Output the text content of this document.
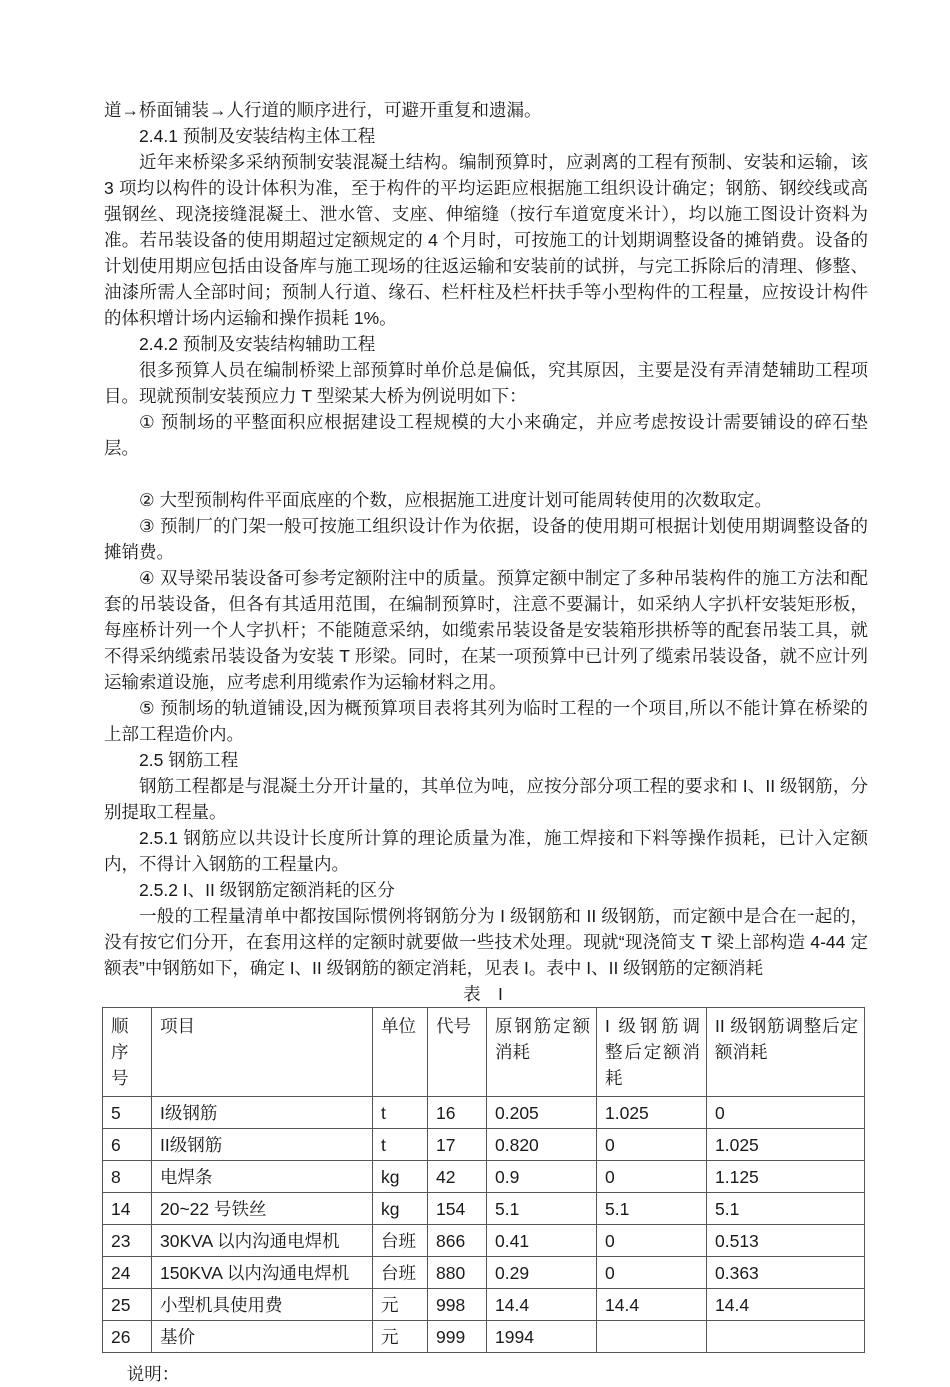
道→桥面铺装→人行道的顺序进行，可避开重复和遗漏。

2.4.1 预制及安装结构主体工程

近年来桥梁多采纳预制安装混凝土结构。编制预算时，应剥离的工程有预制、安装和运输，该 3 项均以构件的设计体积为准，至于构件的平均运距应根据施工组织设计确定；钢筋、钢绞线或高强钢丝、现浇接缝混凝土、泄水管、支座、伸缩缝（按行车道宽度米计），均以施工图设计资料为准。若吊装设备的使用期超过定额规定的 4 个月时，可按施工的计划期调整设备的摊销费。设备的计划使用期应包括由设备库与施工现场的往返运输和安装前的试拼，与完工拆除后的清理、修整、油漆所需人全部时间；预制人行道、缘石、栏杆柱及栏杆扶手等小型构件的工程量，应按设计构件的体积增计场内运输和操作损耗 1%。

2.4.2 预制及安装结构辅助工程

很多预算人员在编制桥梁上部预算时单价总是偏低，究其原因，主要是没有弄清楚辅助工程项目。现就预制安装预应力 T 型梁某大桥为例说明如下：

① 预制场的平整面积应根据建设工程规模的大小来确定，并应考虑按设计需要铺设的碎石垫层。

② 大型预制构件平面底座的个数，应根据施工进度计划可能周转使用的次数取定。

③ 预制厂的门架一般可按施工组织设计作为依据，设备的使用期可根据计划使用期调整设备的摊销费。

④ 双导梁吊装设备可参考定额附注中的质量。预算定额中制定了多种吊装构件的施工方法和配套的吊装设备，但各有其适用范围，在编制预算时，注意不要漏计，如采纳人字扒杆安装矩形板，每座桥计列一个人字扒杆；不能随意采纳，如缆索吊装设备是安装箱形拱桥等的配套吊装工具，就不得采纳缆索吊装设备为安装 T 形梁。同时，在某一项预算中已计列了缆索吊装设备，就不应计列运输索道设施，应考虑利用缆索作为运输材料之用。

⑤ 预制场的轨道铺设,因为概预算项目表将其列为临时工程的一个项目,所以不能计算在桥梁的上部工程造价内。

2.5 钢筋工程

钢筋工程都是与混凝土分开计量的，其单位为吨，应按分部分项工程的要求和 I、II 级钢筋，分别提取工程量。

2.5.1 钢筋应以共设计长度所计算的理论质量为准，施工焊接和下料等操作损耗，已计入定额内，不得计入钢筋的工程量内。

2.5.2 I、II 级钢筋定额消耗的区分

一般的工程量清单中都按国际惯例将钢筋分为 I 级钢筋和 II 级钢筋，而定额中是合在一起的，没有按它们分开，在套用这样的定额时就要做一些技术处理。现就“现浇简支 T 梁上部构造 4-44 定额表”中钢筋如下，确定 I、II 级钢筋的额定消耗，见表 I。表中 I、II 级钢筋的定额消耗

表　I
顺序号	项目	单位	代号	原钢筋定额消耗	I 级钢筋调整后定额消耗	II 级钢筋调整后定额消耗
5	I级钢筋	t	16	0.205	1.025	0
6	II级钢筋	t	17	0.820	0	1.025
8	电焊条	kg	42	0.9	0	1.125
14	20~22 号铁丝	kg	154	5.1	5.1	5.1
23	30KVA 以内沟通电焊机	台班	866	0.41	0	0.513
24	150KVA 以内沟通电焊机	台班	880	0.29	0	0.363
25	小型机具使用费	元	998	14.4	14.4	14.4
26	基价	元	999	1994		

说明：
